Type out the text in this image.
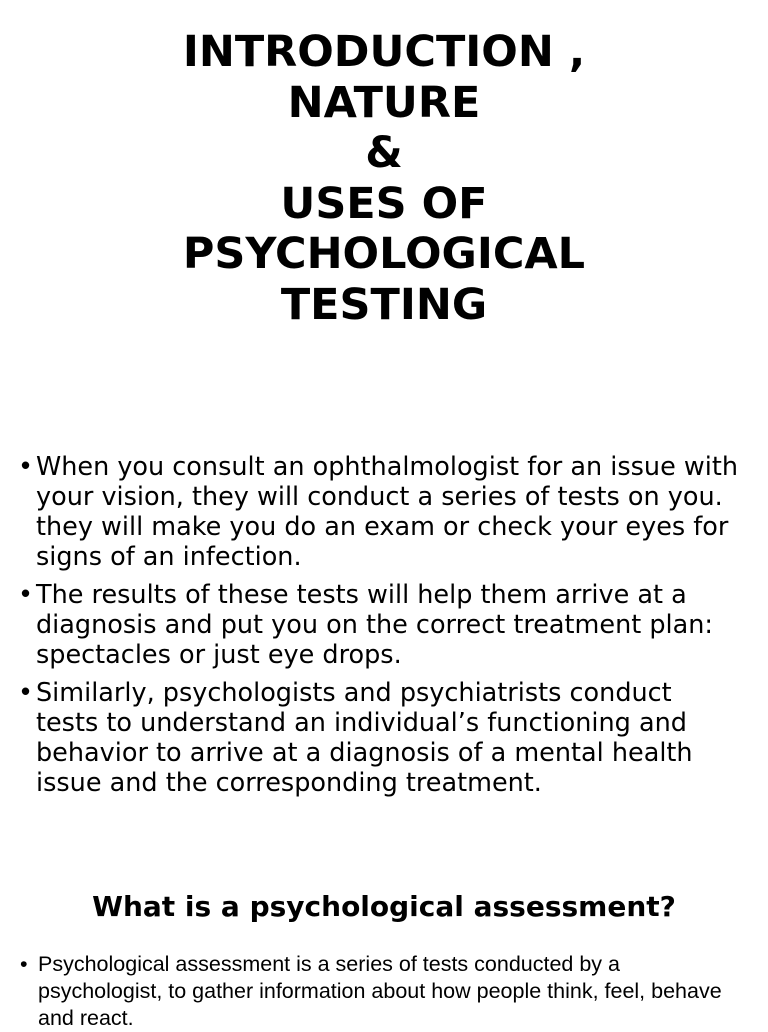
INTRODUCTION ,
NATURE
&
USES OF
PSYCHOLOGICAL
TESTING
• When you consult an ophthalmologist for an issue with your vision, they will conduct a series of tests on you. they will make you do an exam or check your eyes for signs of an infection.
• The results of these tests will help them arrive at a diagnosis and put you on the correct treatment plan: spectacles or just eye drops.
• Similarly, psychologists and psychiatrists conduct tests to understand an individual’s functioning and behavior to arrive at a diagnosis of a mental health issue and the corresponding treatment.
What is a psychological assessment?
• Psychological assessment is a series of tests conducted by a psychologist, to gather information about how people think, feel, behave and react.
